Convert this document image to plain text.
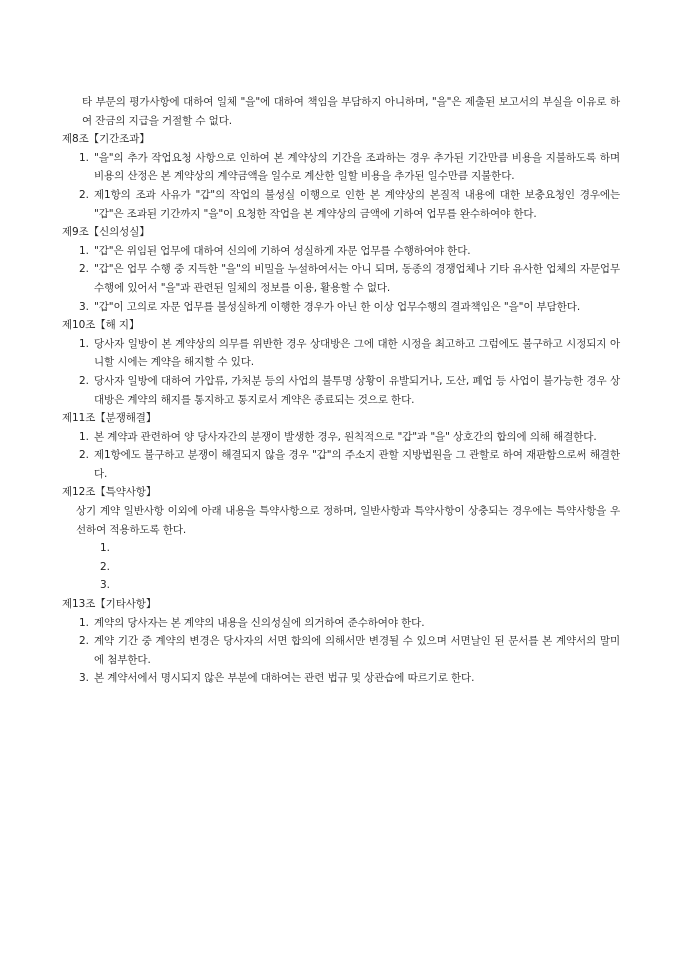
타 부문의 평가사항에 대하여 일체 "을"에 대하여 책임을 부담하지 아니하며, "을"은 제출된 보고서의 부실을 이유로 하여 잔금의 지급을 거절할 수 없다.
제8조【기간조과】
1. "을"의 추가 작업요청 사항으로 인하여 본 계약상의 기간을 조과하는 경우 추가된 기간만큼 비용을 지불하도록 하며 비용의 산정은 본 계약상의 계약금액을 일수로 계산한 일할 비용을 추가된 일수만큼 지불한다.
2. 제1항의 조과 사유가 "갑"의 작업의 불성실 이행으로 인한 본 계약상의 본질적 내용에 대한 보충요청인 경우에는 "갑"은 조과된 기간까지 "을"이 요청한 작업을 본 계약상의 금액에 기하여 업무를 완수하여야 한다.
제9조【신의성실】
1. "갑"은 위임된 업무에 대하여 신의에 기하여 성실하게 자문 업무를 수행하여야 한다.
2. "갑"은 업무 수행 중 지득한 "을"의 비밀을 누설하여서는 아니 되며, 동종의 경쟁업체나 기타 유사한 업체의 자문업무 수행에 있어서 "을"과 관련된 일체의 정보를 이용, 활용할 수 없다.
3. "갑"이 고의로 자문 업무를 불성실하게 이행한 경우가 아닌 한 이상 업무수행의 결과책임은 "을"이 부담한다.
제10조【해 지】
1. 당사자 일방이 본 계약상의 의무를 위반한 경우 상대방은 그에 대한 시정을 최고하고 그럼에도 불구하고 시정되지 아니할 시에는 계약을 해지할 수 있다.
2. 당사자 일방에 대하여 가압류, 가처분 등의 사업의 불투명 상황이 유발되거나, 도산, 폐업 등 사업이 불가능한 경우 상대방은 계약의 해지를 통지하고 통지로서 계약은 종료되는 것으로 한다.
제11조【분쟁해결】
1. 본 계약과 관련하여 양 당사자간의 분쟁이 발생한 경우, 원칙적으로 "갑"과 "을" 상호간의 합의에 의해 해결한다.
2. 제1항에도 불구하고 분쟁이 해결되지 않을 경우 "갑"의 주소지 관할 지방법원을 그 관할로 하여 재판함으로써 해결한다.
제12조【특약사항】
상기 계약 일반사항 이외에 아래 내용을 특약사항으로 정하며, 일반사항과 특약사항이 상충되는 경우에는 특약사항을 우선하여 적용하도록 한다.
1.
2.
3.
제13조【기타사항】
1. 계약의 당사자는 본 계약의 내용을 신의성실에 의거하여 준수하여야 한다.
2. 계약 기간 중 계약의 변경은 당사자의 서면 합의에 의해서만 변경될 수 있으며 서면날인 된 문서를 본 계약서의 말미에 첨부한다.
3. 본 계약서에서 명시되지 않은 부분에 대하여는 관련 법규 및 상관습에 따르기로 한다.
